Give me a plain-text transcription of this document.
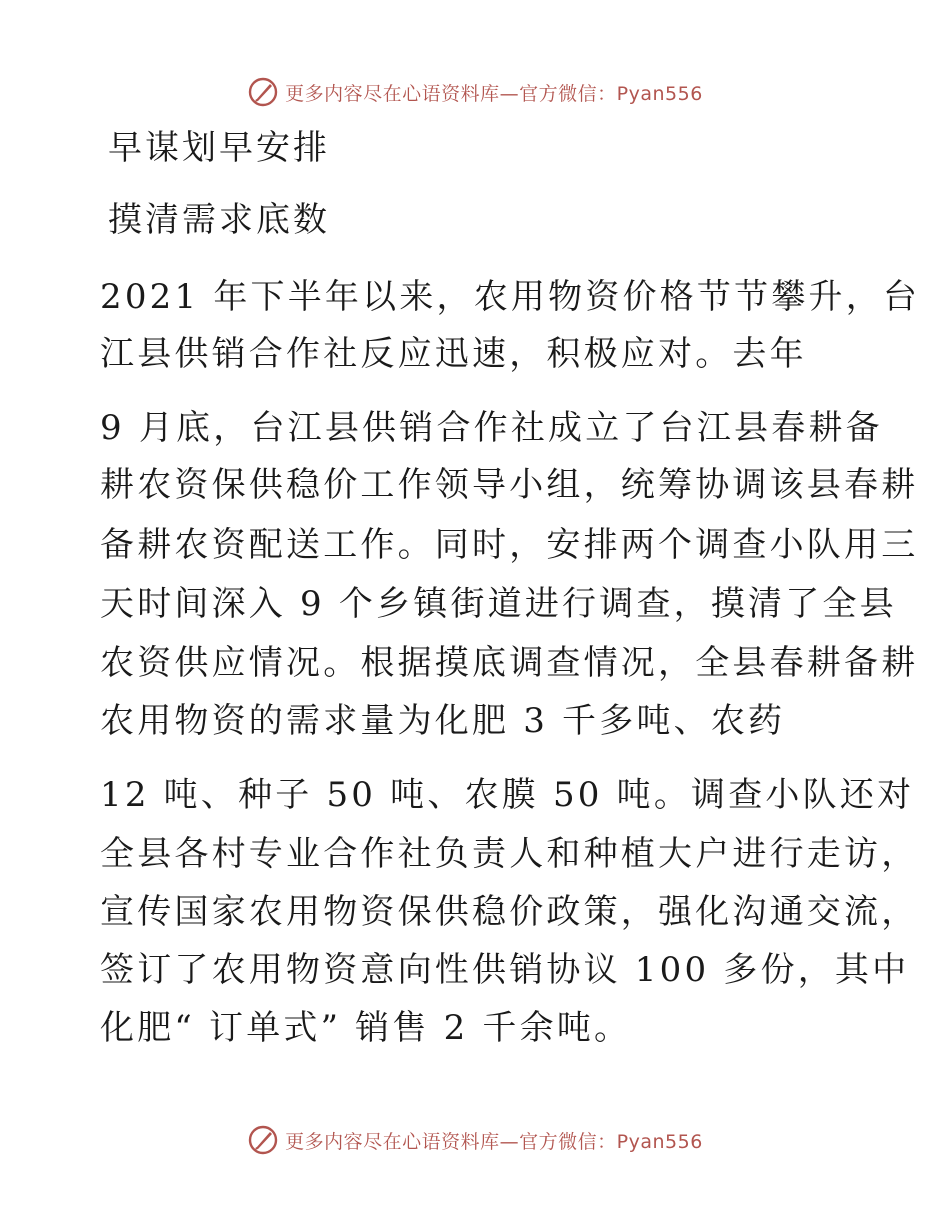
更多内容尽在心语资料库—官方微信：Pyan556
早谋划早安排
摸清需求底数
2021 年下半年以来，农用物资价格节节攀升，台
江县供销合作社反应迅速，积极应对。去年
9 月底，台江县供销合作社成立了台江县春耕备
耕农资保供稳价工作领导小组，统筹协调该县春耕
备耕农资配送工作。同时，安排两个调查小队用三
天时间深入 9 个乡镇街道进行调查，摸清了全县
农资供应情况。根据摸底调查情况，全县春耕备耕
农用物资的需求量为化肥 3 千多吨、农药
12 吨、种子 50 吨、农膜 50 吨。调查小队还对
全县各村专业合作社负责人和种植大户进行走访，
宣传国家农用物资保供稳价政策，强化沟通交流，
签订了农用物资意向性供销协议 100 多份，其中
化肥“ 订单式” 销售 2 千余吨。
更多内容尽在心语资料库—官方微信：Pyan556
